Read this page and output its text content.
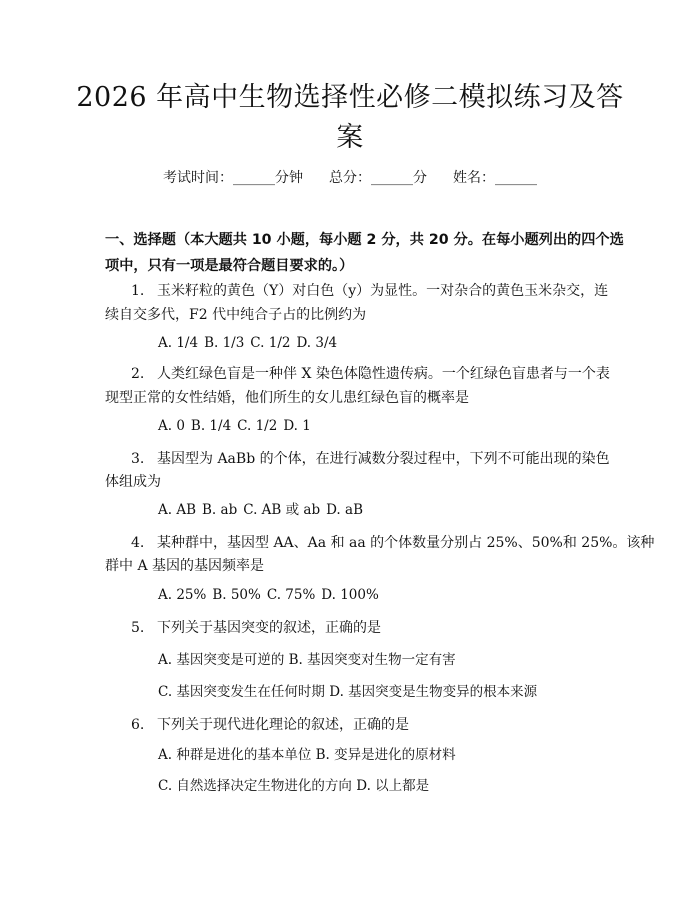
2026 年高中生物选择性必修二模拟练习及答
案
考试时间：______分钟 总分：______分 姓名：______
一、选择题（本大题共 10 小题，每小题 2 分，共 20 分。在每小题列出的四个选
项中，只有一项是最符合题目要求的。）
1. 玉米籽粒的黄色（Y）对白色（y）为显性。一对杂合的黄色玉米杂交，连
续自交多代，F2 代中纯合子占的比例约为
A. 1/4 B. 1/3 C. 1/2 D. 3/4
2. 人类红绿色盲是一种伴 X 染色体隐性遗传病。一个红绿色盲患者与一个表
现型正常的女性结婚，他们所生的女儿患红绿色盲的概率是
A. 0 B. 1/4 C. 1/2 D. 1
3. 基因型为 AaBb 的个体，在进行减数分裂过程中，下列不可能出现的染色
体组成为
A. AB B. ab C. AB 或 ab D. aB
4. 某种群中，基因型 AA、Aa 和 aa 的个体数量分别占 25%、50%和 25%。该种
群中 A 基因的基因频率是
A. 25% B. 50% C. 75% D. 100%
5. 下列关于基因突变的叙述，正确的是
A. 基因突变是可逆的 B. 基因突变对生物一定有害
C. 基因突变发生在任何时期 D. 基因突变是生物变异的根本来源
6. 下列关于现代进化理论的叙述，正确的是
A. 种群是进化的基本单位 B. 变异是进化的原材料
C. 自然选择决定生物进化的方向 D. 以上都是
